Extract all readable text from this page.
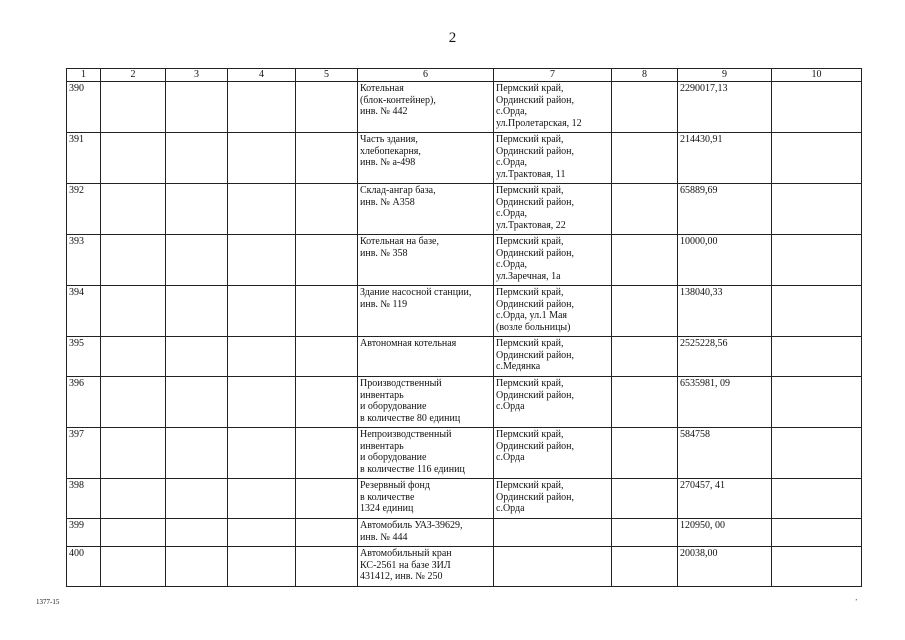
2
1	2	3	4	5	6	7	8	9	10
390					Котельная
(блок-контейнер),
инв. № 442	Пермский край,
Ординский район,
с.Орда,
ул.Пролетарская, 12		2290017,13	
391					Часть здания,
хлебопекарня,
инв. № а-498	Пермский край,
Ординский район,
с.Орда,
ул.Трактовая, 11		214430,91	
392					Склад-ангар база,
инв. № А358	Пермский край,
Ординский район,
с.Орда,
ул.Трактовая, 22		65889,69	
393					Котельная на базе,
инв. № 358	Пермский край,
Ординский район,
с.Орда,
ул.Заречная, 1а		10000,00	
394					Здание насосной станции,
инв. № 119	Пермский край,
Ординский район,
с.Орда, ул.1 Мая
(возле больницы)		138040,33	
395					Автономная котельная	Пермский край,
Ординский район,
с.Медянка		2525228,56	
396					Производственный
инвентарь
и оборудование
в количестве 80 единиц	Пермский край,
Ординский район,
с.Орда		6535981, 09	
397					Непроизводственный
инвентарь
и оборудование
в количестве 116 единиц	Пермский край,
Ординский район,
с.Орда		584758	
398					Резервный фонд
в количестве
1324 единиц	Пермский край,
Ординский район,
с.Орда		270457, 41	
399					Автомобиль УАЗ-39629,
инв. № 444			120950, 00	
400					Автомобильный кран
КС-2561 на базе ЗИЛ
431412, инв. № 250			20038,00	
1377-15	’
